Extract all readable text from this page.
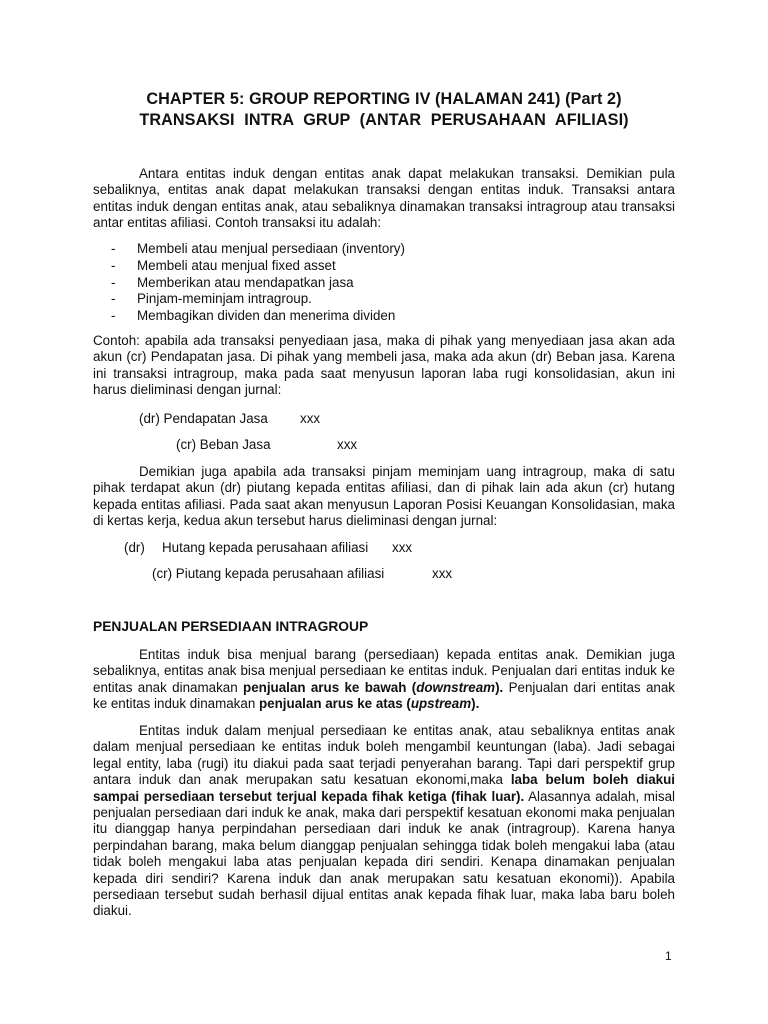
CHAPTER 5: GROUP REPORTING IV (HALAMAN 241) (Part 2)
TRANSAKSI INTRA GRUP (ANTAR PERUSAHAAN AFILIASI)

Antara entitas induk dengan entitas anak dapat melakukan transaksi. Demikian pula sebaliknya, entitas anak dapat melakukan transaksi dengan entitas induk. Transaksi antara entitas induk dengan entitas anak, atau sebaliknya dinamakan transaksi intragroup atau transaksi antar entitas afiliasi. Contoh transaksi itu adalah:

- Membeli atau menjual persediaan (inventory)
- Membeli atau menjual fixed asset
- Memberikan atau mendapatkan jasa
- Pinjam-meminjam intragroup.
- Membagikan dividen dan menerima dividen

Contoh: apabila ada transaksi penyediaan jasa, maka di pihak yang menyediaan jasa akan ada akun (cr) Pendapatan jasa. Di pihak yang membeli jasa, maka ada akun (dr) Beban jasa. Karena ini transaksi intragroup, maka pada saat menyusun laporan laba rugi konsolidasian, akun ini harus dieliminasi dengan jurnal:

(dr) Pendapatan Jasa xxx
(cr) Beban Jasa	xxx

Demikian juga apabila ada transaksi pinjam meminjam uang intragroup, maka di satu pihak terdapat akun (dr) piutang kepada entitas afiliasi, dan di pihak lain ada akun (cr) hutang kepada entitas afiliasi. Pada saat akan menyusun Laporan Posisi Keuangan Konsolidasian, maka di kertas kerja, kedua akun tersebut harus dieliminasi dengan jurnal:

(dr) Hutang kepada perusahaan afiliasi xxx
(cr) Piutang kepada perusahaan afiliasi	xxx
PENJUALAN PERSEDIAAN INTRAGROUP

Entitas induk bisa menjual barang (persediaan) kepada entitas anak. Demikian juga sebaliknya, entitas anak bisa menjual persediaan ke entitas induk. Penjualan dari entitas induk ke entitas anak dinamakan penjualan arus ke bawah (downstream). Penjualan dari entitas anak ke entitas induk dinamakan penjualan arus ke atas (upstream).

Entitas induk dalam menjual persediaan ke entitas anak, atau sebaliknya entitas anak dalam menjual persediaan ke entitas induk boleh mengambil keuntungan (laba). Jadi sebagai legal entity, laba (rugi) itu diakui pada saat terjadi penyerahan barang. Tapi dari perspektif grup antara induk dan anak merupakan satu kesatuan ekonomi,maka laba belum boleh diakui sampai persediaan tersebut terjual kepada fihak ketiga (fihak luar). Alasannya adalah, misal penjualan persediaan dari induk ke anak, maka dari perspektif kesatuan ekonomi maka penjualan itu dianggap hanya perpindahan persediaan dari induk ke anak (intragroup). Karena hanya perpindahan barang, maka belum dianggap penjualan sehingga tidak boleh mengakui laba (atau tidak boleh mengakui laba atas penjualan kepada diri sendiri. Kenapa dinamakan penjualan kepada diri sendiri? Karena induk dan anak merupakan satu kesatuan ekonomi)). Apabila persediaan tersebut sudah berhasil dijual entitas anak kepada fihak luar, maka laba baru boleh diakui.

1
